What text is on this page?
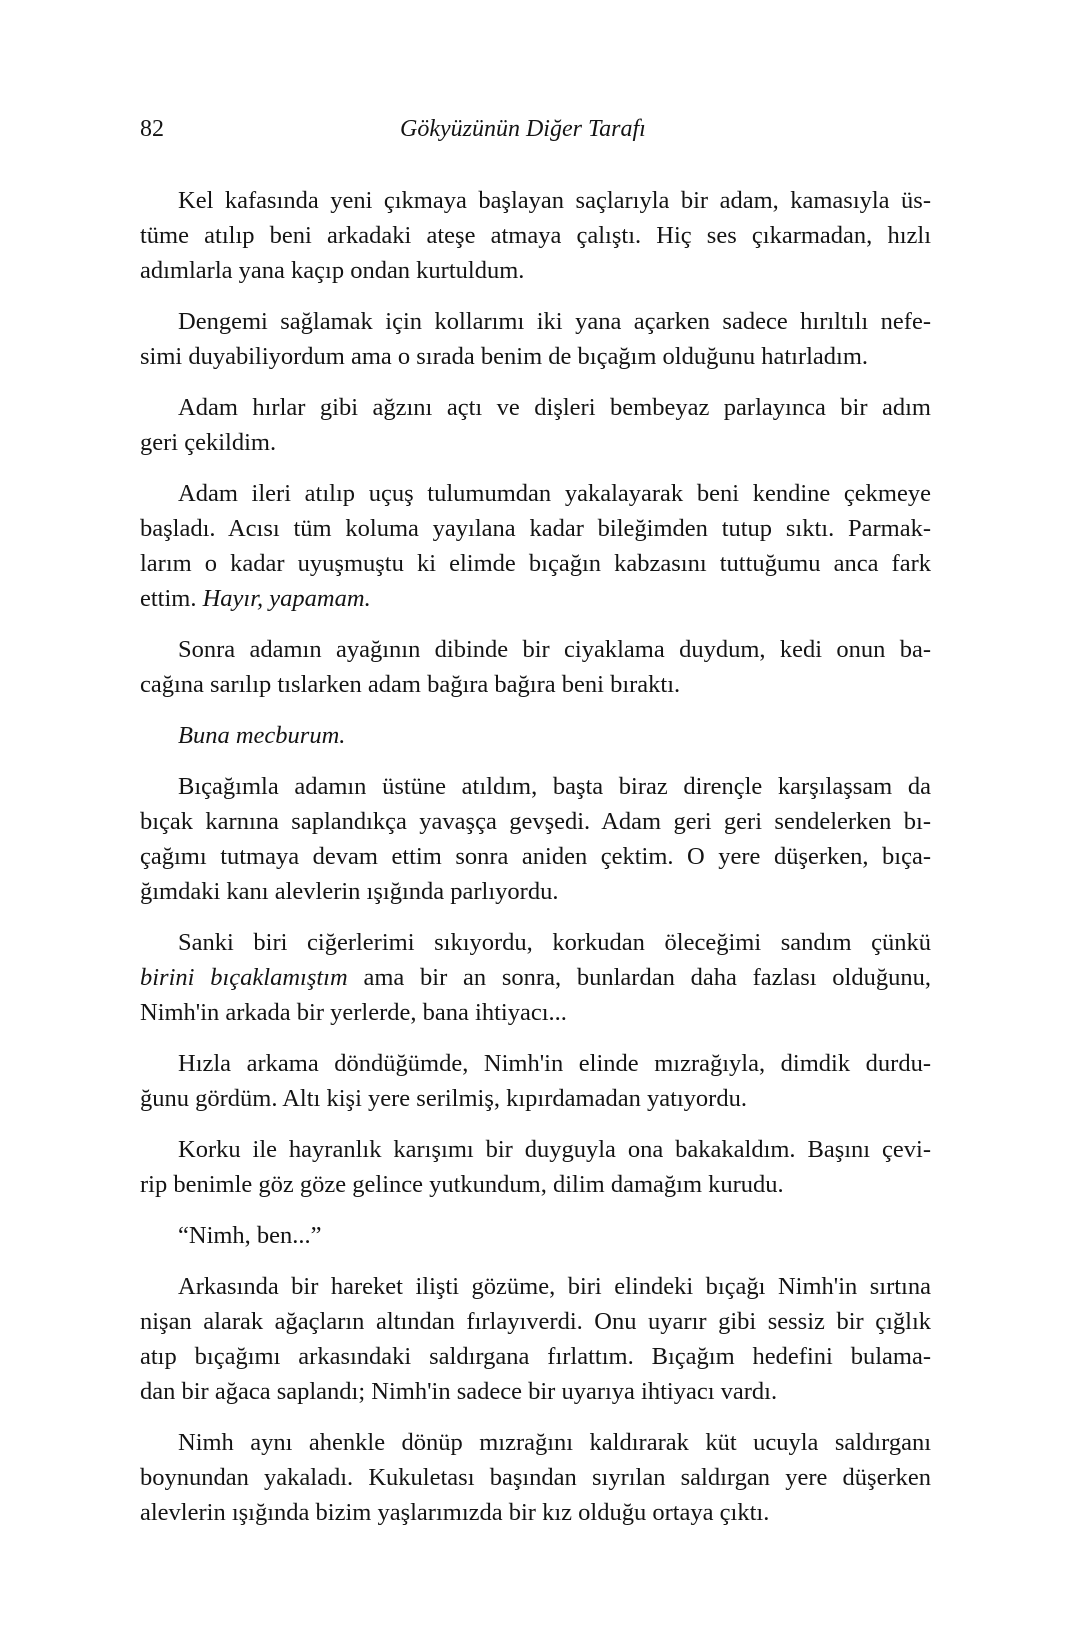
82	Gökyüzünün Diğer Tarafı
Kel kafasında yeni çıkmaya başlayan saçlarıyla bir adam, kamasıyla üs-
tüme atılıp beni arkadaki ateşe atmaya çalıştı. Hiç ses çıkarmadan, hızlı
adımlarla yana kaçıp ondan kurtuldum.
Dengemi sağlamak için kollarımı iki yana açarken sadece hırıltılı nefe-
simi duyabiliyordum ama o sırada benim de bıçağım olduğunu hatırladım.
Adam hırlar gibi ağzını açtı ve dişleri bembeyaz parlayınca bir adım
geri çekildim.
Adam ileri atılıp uçuş tulumumdan yakalayarak beni kendine çekmeye
başladı. Acısı tüm koluma yayılana kadar bileğimden tutup sıktı. Parmak-
larım o kadar uyuşmuştu ki elimde bıçağın kabzasını tuttuğumu anca fark
ettim. Hayır, yapamam.
Sonra adamın ayağının dibinde bir ciyaklama duydum, kedi onun ba-
cağına sarılıp tıslarken adam bağıra bağıra beni bıraktı.
Buna mecburum.
Bıçağımla adamın üstüne atıldım, başta biraz dirençle karşılaşsam da
bıçak karnına saplandıkça yavaşça gevşedi. Adam geri geri sendelerken bı-
çağımı tutmaya devam ettim sonra aniden çektim. O yere düşerken, bıça-
ğımdaki kanı alevlerin ışığında parlıyordu.
Sanki biri ciğerlerimi sıkıyordu, korkudan öleceğimi sandım çünkü
birini bıçaklamıştım ama bir an sonra, bunlardan daha fazlası olduğunu,
Nimh'in arkada bir yerlerde, bana ihtiyacı...
Hızla arkama döndüğümde, Nimh'in elinde mızrağıyla, dimdik durdu-
ğunu gördüm. Altı kişi yere serilmiş, kıpırdamadan yatıyordu.
Korku ile hayranlık karışımı bir duyguyla ona bakakaldım. Başını çevi-
rip benimle göz göze gelince yutkundum, dilim damağım kurudu.
“Nimh, ben...”
Arkasında bir hareket ilişti gözüme, biri elindeki bıçağı Nimh'in sırtına
nişan alarak ağaçların altından fırlayıverdi. Onu uyarır gibi sessiz bir çığlık
atıp bıçağımı arkasındaki saldırgana fırlattım. Bıçağım hedefini bulama-
dan bir ağaca saplandı; Nimh'in sadece bir uyarıya ihtiyacı vardı.
Nimh aynı ahenkle dönüp mızrağını kaldırarak küt ucuyla saldırganı
boynundan yakaladı. Kukuletası başından sıyrılan saldırgan yere düşerken
alevlerin ışığında bizim yaşlarımızda bir kız olduğu ortaya çıktı.
